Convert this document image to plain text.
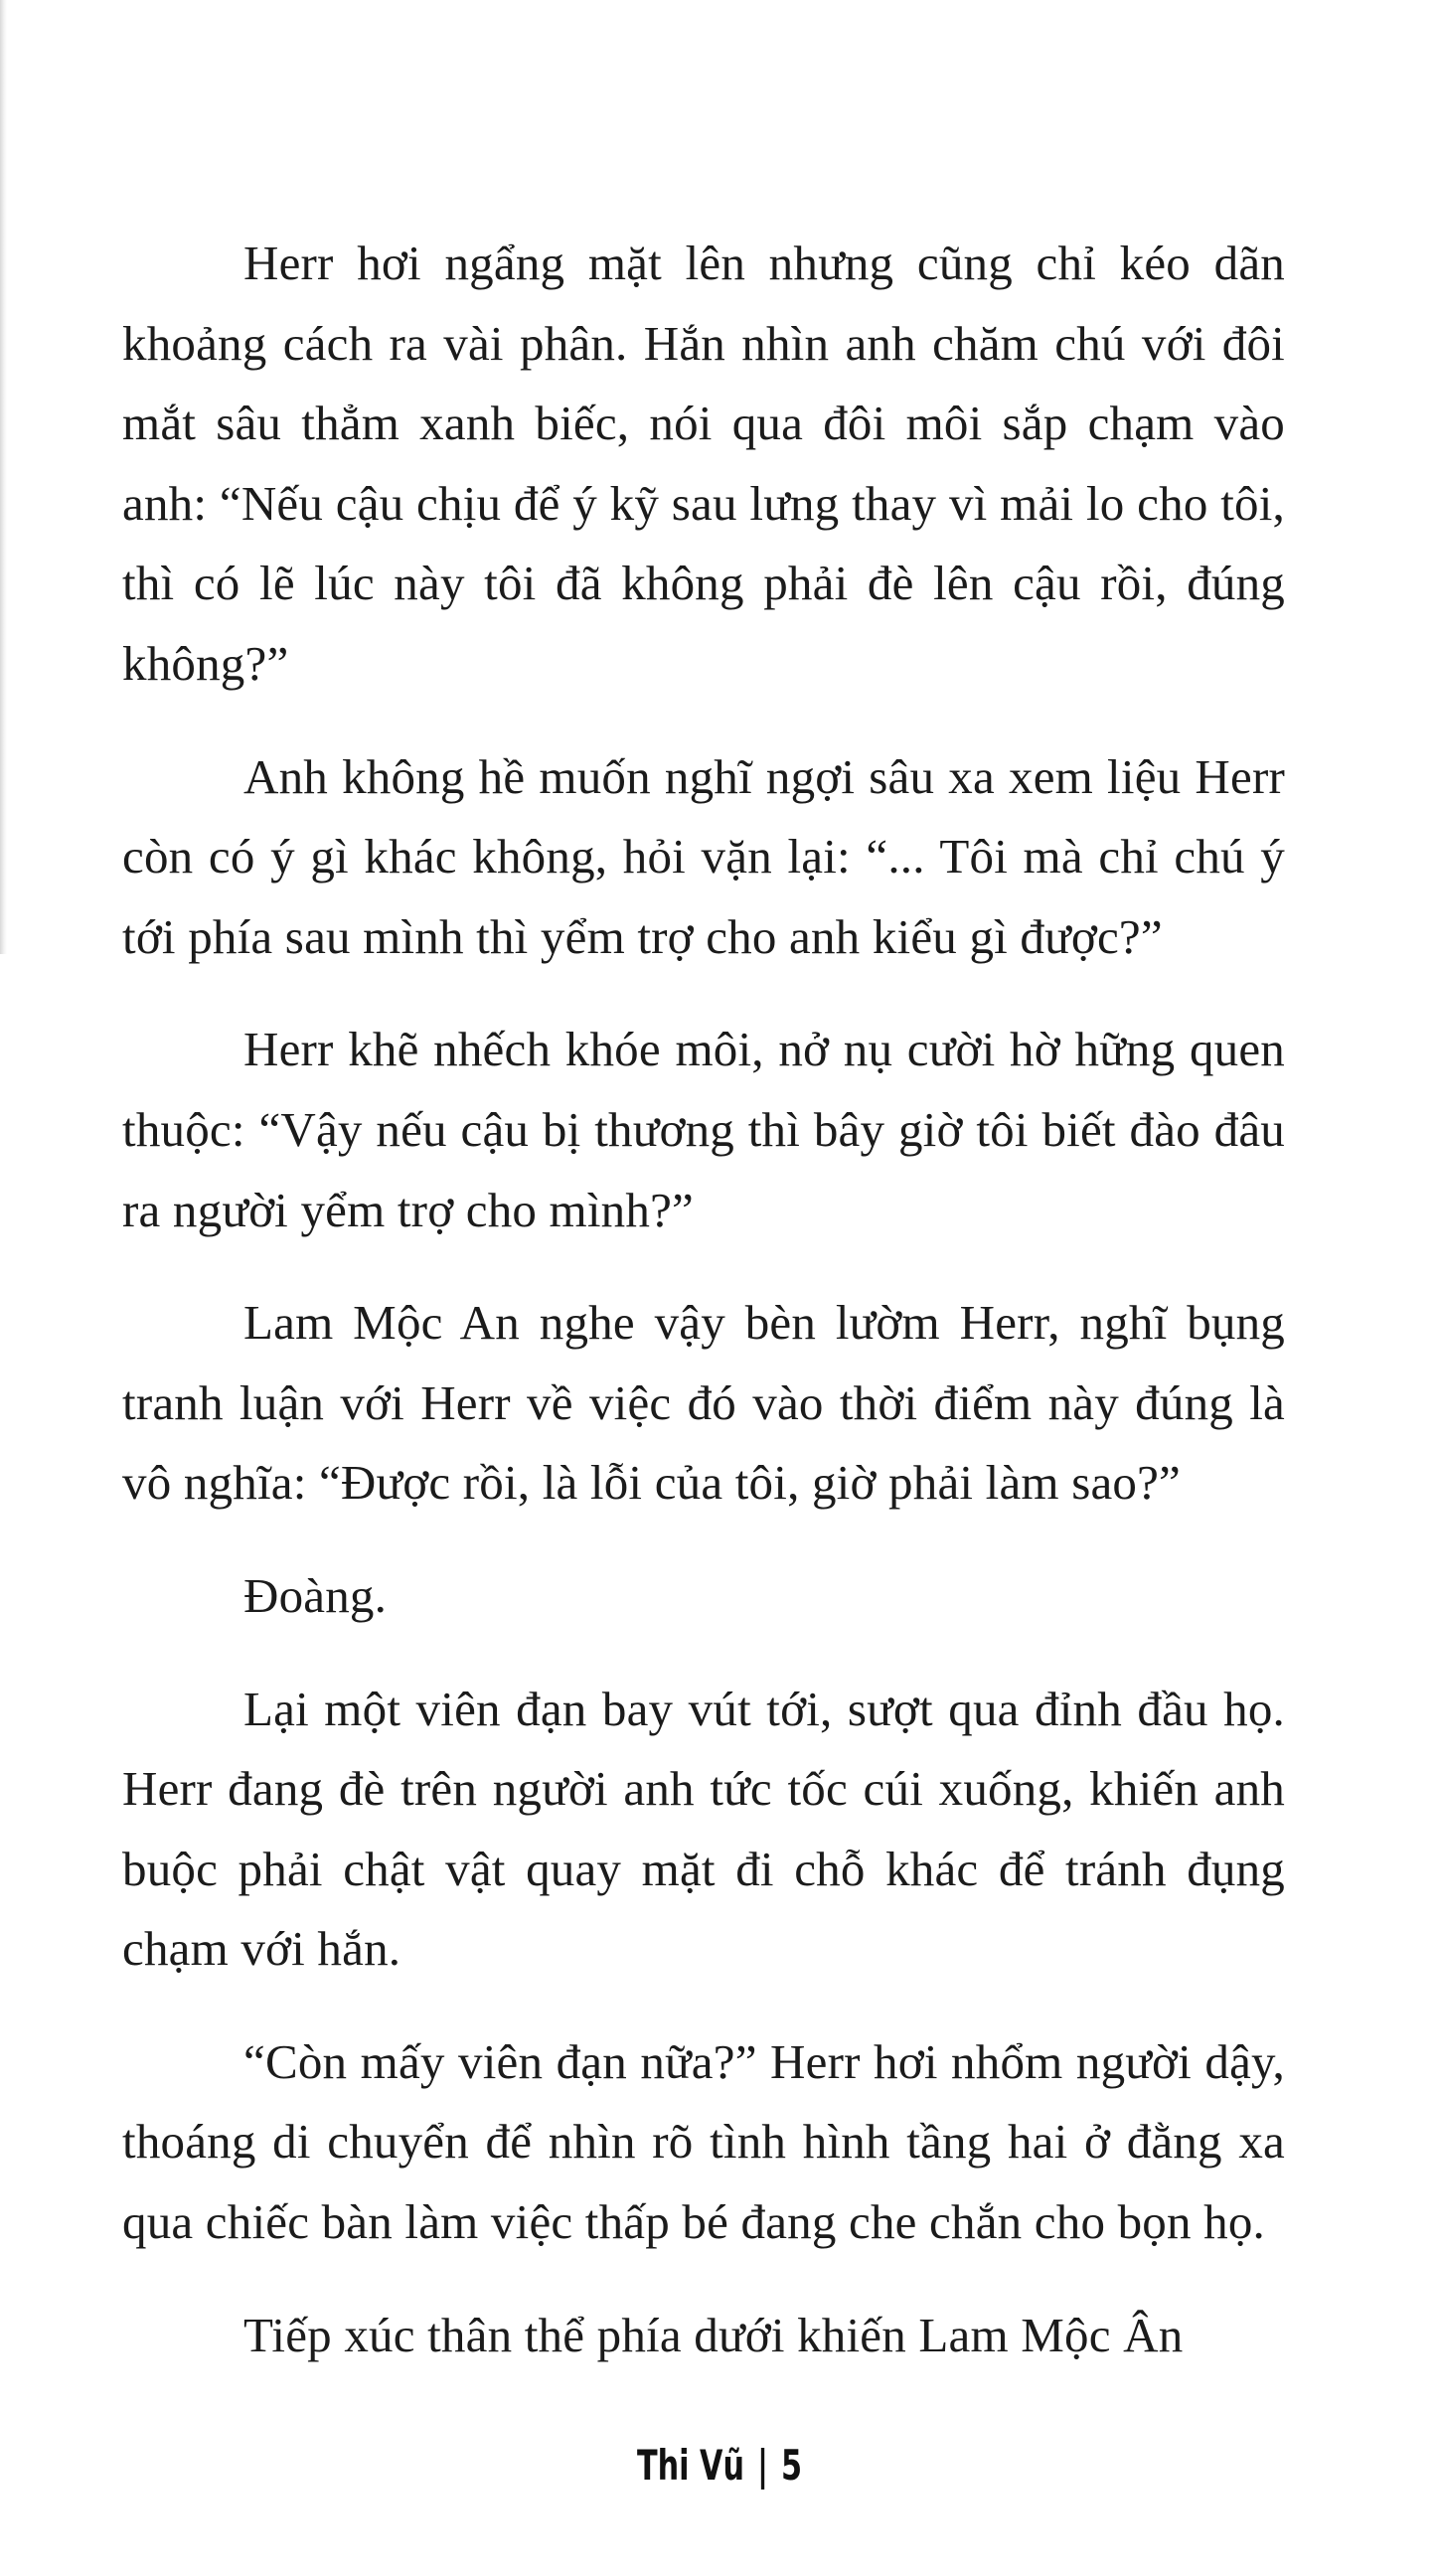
Herr hơi ngẩng mặt lên nhưng cũng chỉ kéo dãn khoảng cách ra vài phân. Hắn nhìn anh chăm chú với đôi mắt sâu thẳm xanh biếc, nói qua đôi môi sắp chạm vào anh: “Nếu cậu chịu để ý kỹ sau lưng thay vì mải lo cho tôi, thì có lẽ lúc này tôi đã không phải đè lên cậu rồi, đúng không?”

Anh không hề muốn nghĩ ngợi sâu xa xem liệu Herr còn có ý gì khác không, hỏi vặn lại: “... Tôi mà chỉ chú ý tới phía sau mình thì yểm trợ cho anh kiểu gì được?”

Herr khẽ nhếch khóe môi, nở nụ cười hờ hững quen thuộc: “Vậy nếu cậu bị thương thì bây giờ tôi biết đào đâu ra người yểm trợ cho mình?”

Lam Mộc An nghe vậy bèn lườm Herr, nghĩ bụng tranh luận với Herr về việc đó vào thời điểm này đúng là vô nghĩa: “Được rồi, là lỗi của tôi, giờ phải làm sao?”

Đoàng.

Lại một viên đạn bay vút tới, sượt qua đỉnh đầu họ. Herr đang đè trên người anh tức tốc cúi xuống, khiến anh buộc phải chật vật quay mặt đi chỗ khác để tránh đụng chạm với hắn.

“Còn mấy viên đạn nữa?” Herr hơi nhổm người dậy, thoáng di chuyển để nhìn rõ tình hình tầng hai ở đằng xa qua chiếc bàn làm việc thấp bé đang che chắn cho bọn họ.

Tiếp xúc thân thể phía dưới khiến Lam Mộc Ân

Thi Vũ | 5
